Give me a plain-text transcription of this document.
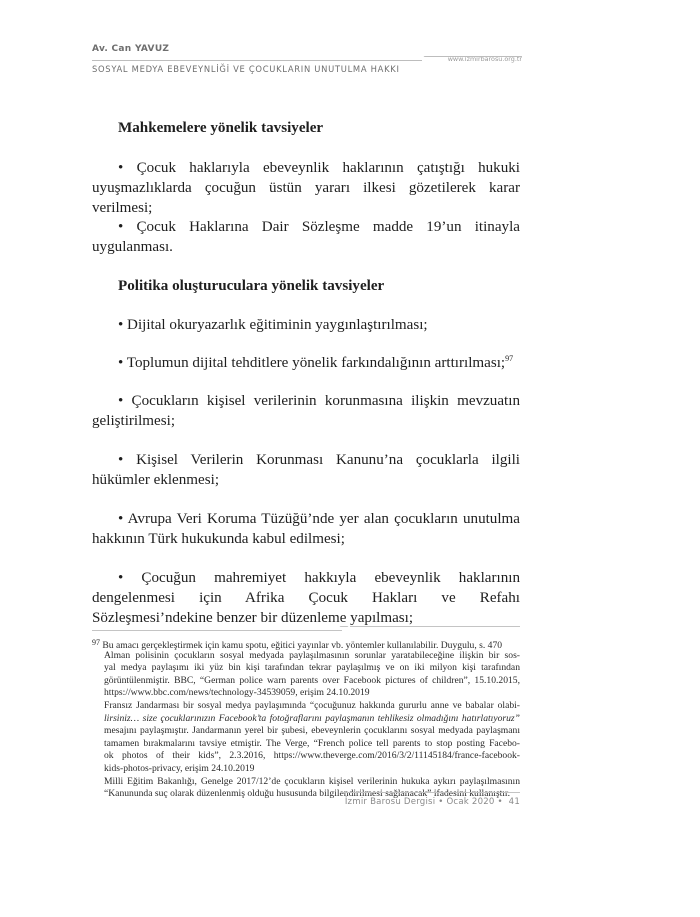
Av. Can YAVUZ
www.izmirbarosu.org.tr
SOSYAL MEDYA EBEVEYNLİĞİ VE ÇOCUKLARIN UNUTULMA HAKKI

Mahkemelere yönelik tavsiyeler

• Çocuk haklarıyla ebeveynlik haklarının çatıştığı hukuki uyuşmazlıklarda çocuğun üstün yararı ilkesi gözetilerek karar verilmesi;

• Çocuk Haklarına Dair Sözleşme madde 19’un itinayla uygulanması.

Politika oluşturuculara yönelik tavsiyeler

• Dijital okuryazarlık eğitiminin yaygınlaştırılması;

• Toplumun dijital tehditlere yönelik farkındalığının arttırılması;$^{97}$

• Çocukların kişisel verilerinin korunmasına ilişkin mevzuatın geliştirilmesi;

• Kişisel Verilerin Korunması Kanunu’na çocuklarla ilgili hükümler eklenmesi;

• Avrupa Veri Koruma Tüzüğü’nde yer alan çocukların unutulma hakkının Türk hukukunda kabul edilmesi;

• Çocuğun mahremiyet hakkıyla ebeveynlik haklarının dengelenmesi için Afrika Çocuk Hakları ve Refahı Sözleşmesi’ndekine benzer bir düzenleme yapılması;

$^{97}$ Bu amacı gerçekleştirmek için kamu spotu, eğitici yayınlar vb. yöntemler kullanılabilir. Duygulu, s. 470
Alman polisinin çocukların sosyal medyada paylaşılmasının sorunlar yaratabileceğine ilişkin bir sos-
yal medya paylaşımı iki yüz bin kişi tarafından tekrar paylaşılmış ve on iki milyon kişi tarafından
görüntülenmiştir. BBC, “German police warn parents over Facebook pictures of children”, 15.10.2015,
https://www.bbc.com/news/technology-34539059, erişim 24.10.2019
Fransız Jandarması bir sosyal medya paylaşımında “çocuğunuz hakkında gururlu anne ve babalar olabi-
lirsiniz… size çocuklarınızın Facebook’ta fotoğraflarını paylaşmanın tehlikesiz olmadığını hatırlatıyoruz”
mesajını paylaşmıştır. Jandarmanın yerel bir şubesi, ebeveynlerin çocuklarını sosyal medyada paylaşmanı
tamamen bırakmalarını tavsiye etmiştir. The Verge, “French police tell parents to stop posting Facebo-
ok photos of their kids”, 2.3.2016, https://www.theverge.com/2016/3/2/11145184/france-facebook-
kids-photos-privacy, erişim 24.10.2019
Milli Eğitim Bakanlığı, Genelge 2017/12’de çocukların kişisel verilerinin hukuka aykırı paylaşılmasının
“Kanununda suç olarak düzenlenmiş olduğu hususunda bilgilendirilmesi sağlanacak” ifadesini kullanıştır.
İzmir Barosu Dergisi • Ocak 2020 •  41
